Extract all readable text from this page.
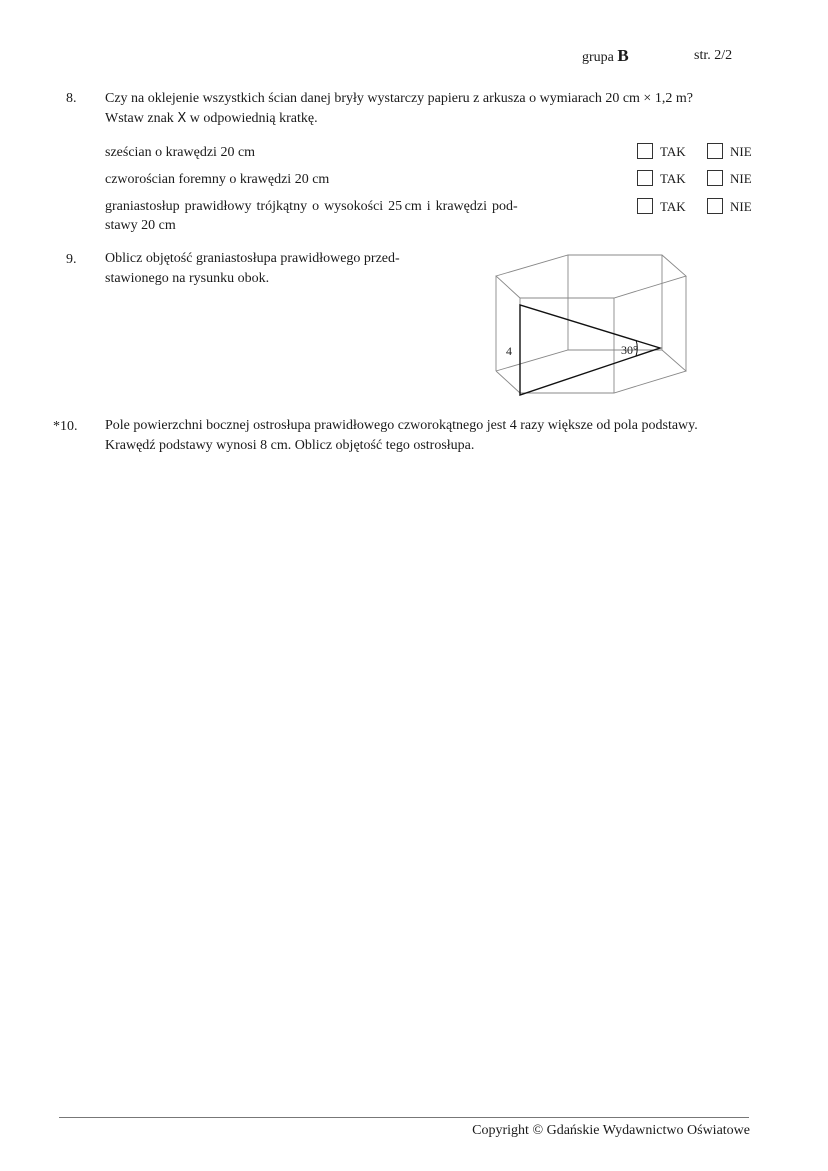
grupa B	str. 2/2
8. Czy na oklejenie wszystkich ścian danej bryły wystarczy papieru z arkusza o wymiarach 20 cm × 1,2 m?
Wstaw znak X w odpowiednią kratkę.
sześcian o krawędzi 20 cm	TAK	NIE
czworościan foremny o krawędzi 20 cm	TAK	NIE
graniastosłup  prawidłowy  trójkątny  o  wysokości  25 cm  i  krawędzi  pod-
stawy 20 cm
TAK	NIE
9. Oblicz objętość graniastosłupa prawidłowego przed-
stawionego na rysunku obok.
4	30°
*10. Pole powierzchni bocznej ostrosłupa prawidłowego czworokątnego jest 4 razy większe od pola podstawy.
Krawędź podstawy wynosi 8 cm. Oblicz objętość tego ostrosłupa.
Copyright © Gdańskie Wydawnictwo Oświatowe
